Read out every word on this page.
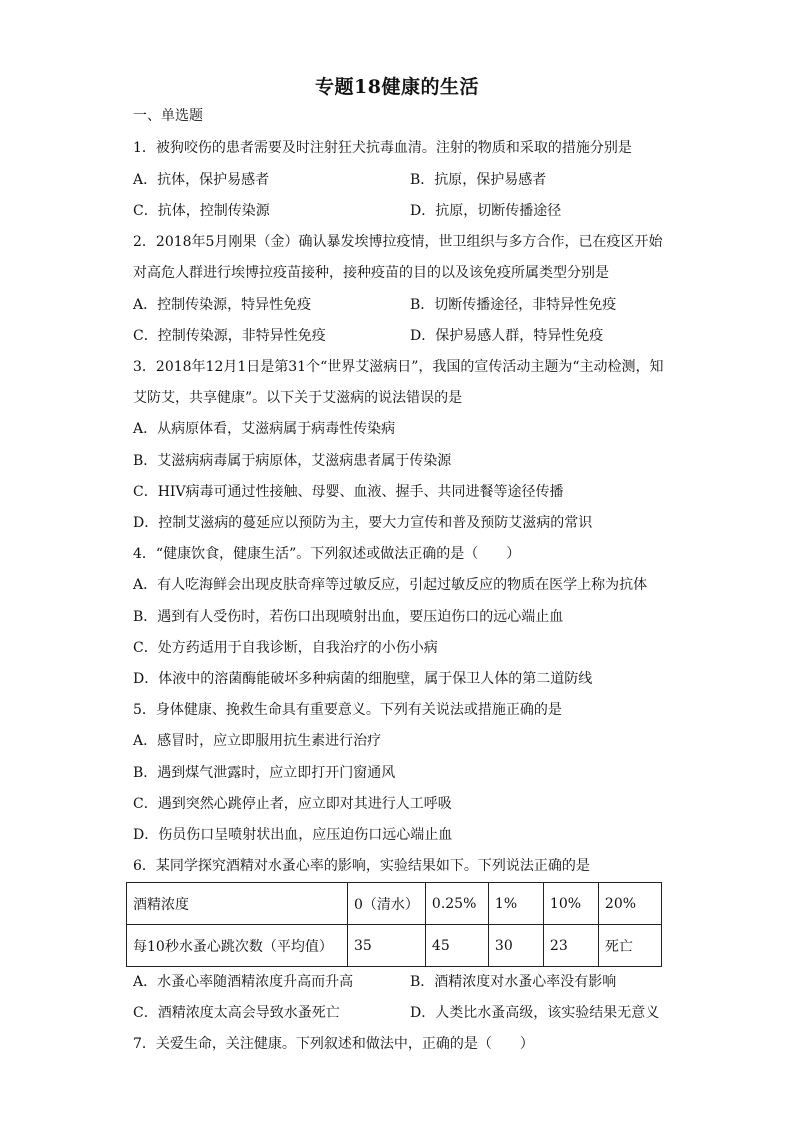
专题18健康的生活
一、单选题
1．被狗咬伤的患者需要及时注射狂犬抗毒血清。注射的物质和采取的措施分别是
A．抗体，保护易感者	B．抗原，保护易感者
C．抗体，控制传染源	D．抗原，切断传播途径
2．2018年5月刚果（金）确认暴发埃博拉疫情，世卫组织与多方合作，已在疫区开始
对高危人群进行埃博拉疫苗接种，接种疫苗的目的以及该免疫所属类型分别是
A．控制传染源，特异性免疫	B．切断传播途径，非特异性免疫
C．控制传染源，非特异性免疫	D．保护易感人群，特异性免疫
3．2018年12月1日是第31个“世界艾滋病日”，我国的宣传活动主题为“主动检测，知
艾防艾，共享健康”。以下关于艾滋病的说法错误的是
A．从病原体看，艾滋病属于病毒性传染病
B．艾滋病病毒属于病原体，艾滋病患者属于传染源
C．HIV病毒可通过性接触、母婴、血液、握手、共同进餐等途径传播
D．控制艾滋病的蔓延应以预防为主，要大力宣传和普及预防艾滋病的常识
4．“健康饮食，健康生活”。下列叙述或做法正确的是（　　）
A．有人吃海鲜会出现皮肤奇痒等过敏反应，引起过敏反应的物质在医学上称为抗体
B．遇到有人受伤时，若伤口出现喷射出血，要压迫伤口的远心端止血
C．处方药适用于自我诊断，自我治疗的小伤小病
D．体液中的溶菌酶能破坏多种病菌的细胞壁，属于保卫人体的第二道防线
5．身体健康、挽救生命具有重要意义。下列有关说法或措施正确的是
A．感冒时，应立即服用抗生素进行治疗
B．遇到煤气泄露时，应立即打开门窗通风
C．遇到突然心跳停止者，应立即对其进行人工呼吸
D．伤员伤口呈喷射状出血，应压迫伤口远心端止血
6．某同学探究酒精对水蚤心率的影响，实验结果如下。下列说法正确的是
酒精浓度	0（清水）	0.25%	1%	10%	20%
每10秒水蚤心跳次数（平均值）	35	45	30	23	死亡
A．水蚤心率随酒精浓度升高而升高	B．酒精浓度对水蚤心率没有影响
C．酒精浓度太高会导致水蚤死亡	D．人类比水蚤高级，该实验结果无意义
7．关爱生命，关注健康。下列叙述和做法中，正确的是（　　）
